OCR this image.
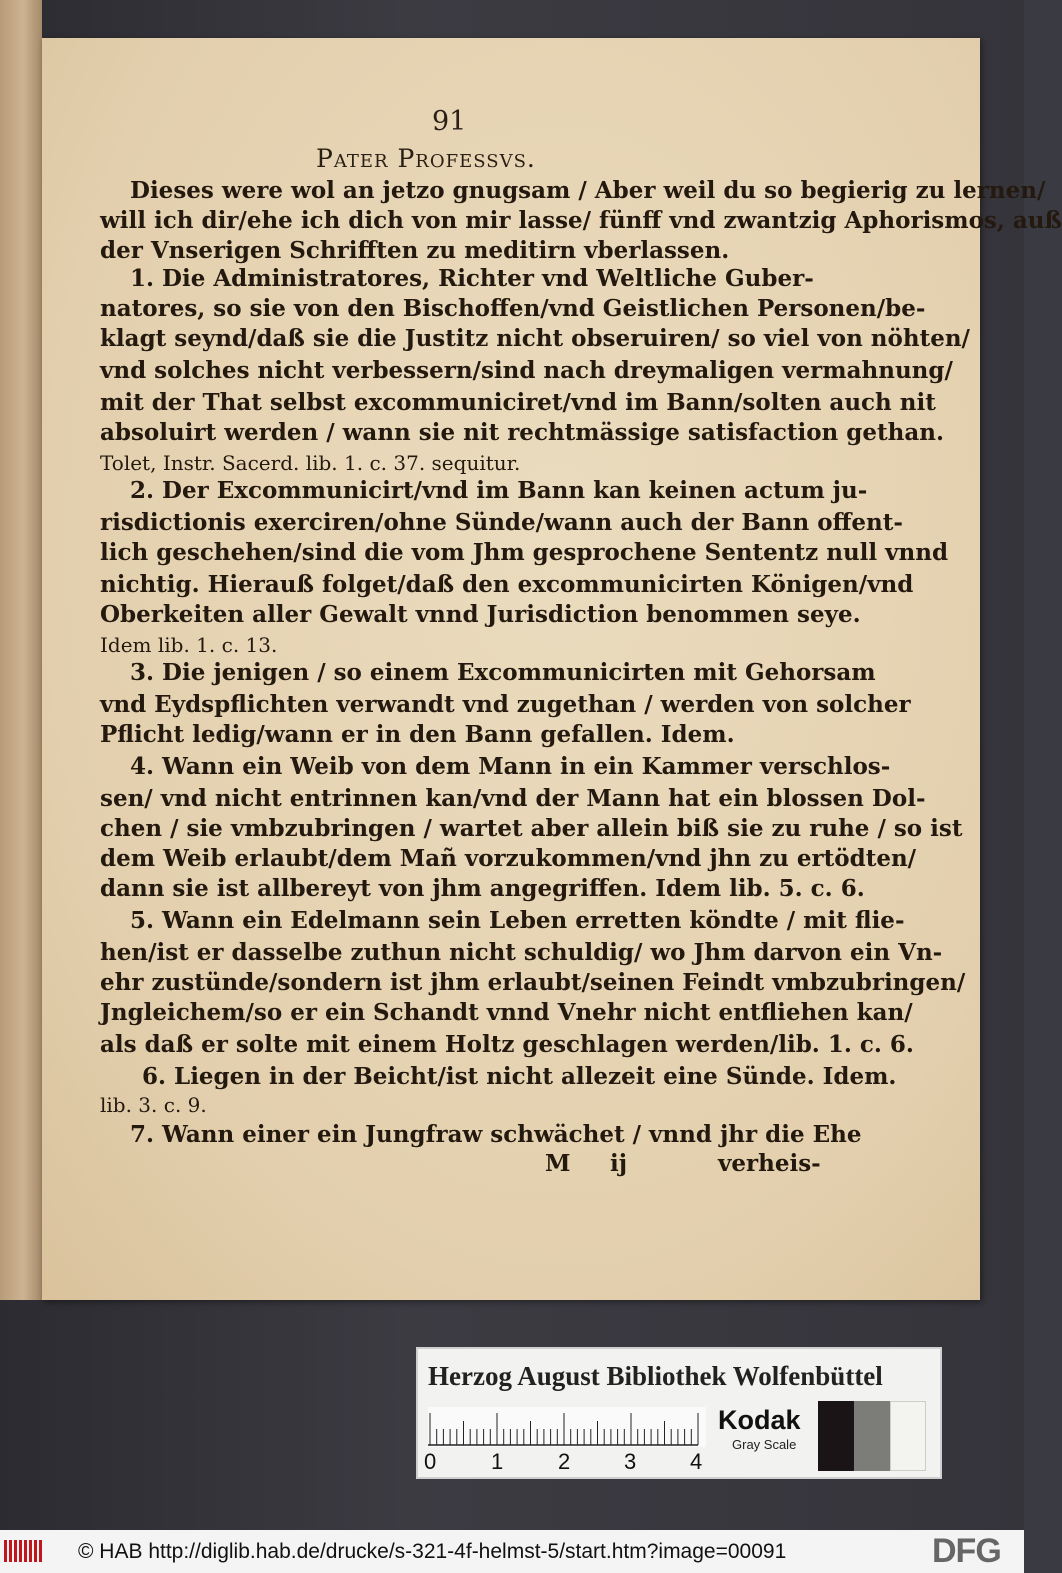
91
Pater Professvs.
Dieses were wol an jetzo gnugsam / Aber weil du so begierig zu lernen/
will ich dir/ehe ich dich von mir lasse/ fünff vnd zwantzig Aphorismos, auß
der Vnserigen Schrifften zu meditirn vberlassen.
1. Die Administratores, Richter vnd Weltliche Guber-
natores, so sie von den Bischoffen/vnd Geistlichen Personen/be-
klagt seynd/daß sie die Justitz nicht obseruiren/ so viel von nöhten/
vnd solches nicht verbessern/sind nach dreymaligen vermahnung/
mit der That selbst excommuniciret/vnd im Bann/solten auch nit
absoluirt werden / wann sie nit rechtmässige satisfaction gethan.
Tolet, Instr. Sacerd. lib. 1. c. 37. sequitur.
2. Der Excommunicirt/vnd im Bann kan keinen actum ju-
risdictionis exerciren/ohne Sünde/wann auch der Bann offent-
lich geschehen/sind die vom Jhm gesprochene Sententz null vnnd
nichtig. Hierauß folget/daß den excommunicirten Königen/vnd
Oberkeiten aller Gewalt vnnd Jurisdiction benommen seye.
Idem lib. 1. c. 13.
3. Die jenigen / so einem Excommunicirten mit Gehorsam
vnd Eydspflichten verwandt vnd zugethan / werden von solcher
Pflicht ledig/wann er in den Bann gefallen. Idem.
4. Wann ein Weib von dem Mann in ein Kammer verschlos-
sen/ vnd nicht entrinnen kan/vnd der Mann hat ein blossen Dol-
chen / sie vmbzubringen / wartet aber allein biß sie zu ruhe / so ist
dem Weib erlaubt/dem Mañ vorzukommen/vnd jhn zu ertödten/
dann sie ist allbereyt von jhm angegriffen. Idem lib. 5. c. 6.
5. Wann ein Edelmann sein Leben erretten köndte / mit flie-
hen/ist er dasselbe zuthun nicht schuldig/ wo Jhm darvon ein Vn-
ehr zustünde/sondern ist jhm erlaubt/seinen Feindt vmbzubringen/
Jngleichem/so er ein Schandt vnnd Vnehr nicht entfliehen kan/
als daß er solte mit einem Holtz geschlagen werden/lib. 1. c. 6.
6. Liegen in der Beicht/ist nicht allezeit eine Sünde. Idem.
lib. 3. c. 9.
7. Wann einer ein Jungfraw schwächet / vnnd jhr die Ehe
M ij	verheis-
Herzog August Bibliothek Wolfenbüttel
0 1 2 3 4
Kodak
Gray Scale
© HAB http://diglib.hab.de/drucke/s-321-4f-helmst-5/start.htm?image=00091	DFG
